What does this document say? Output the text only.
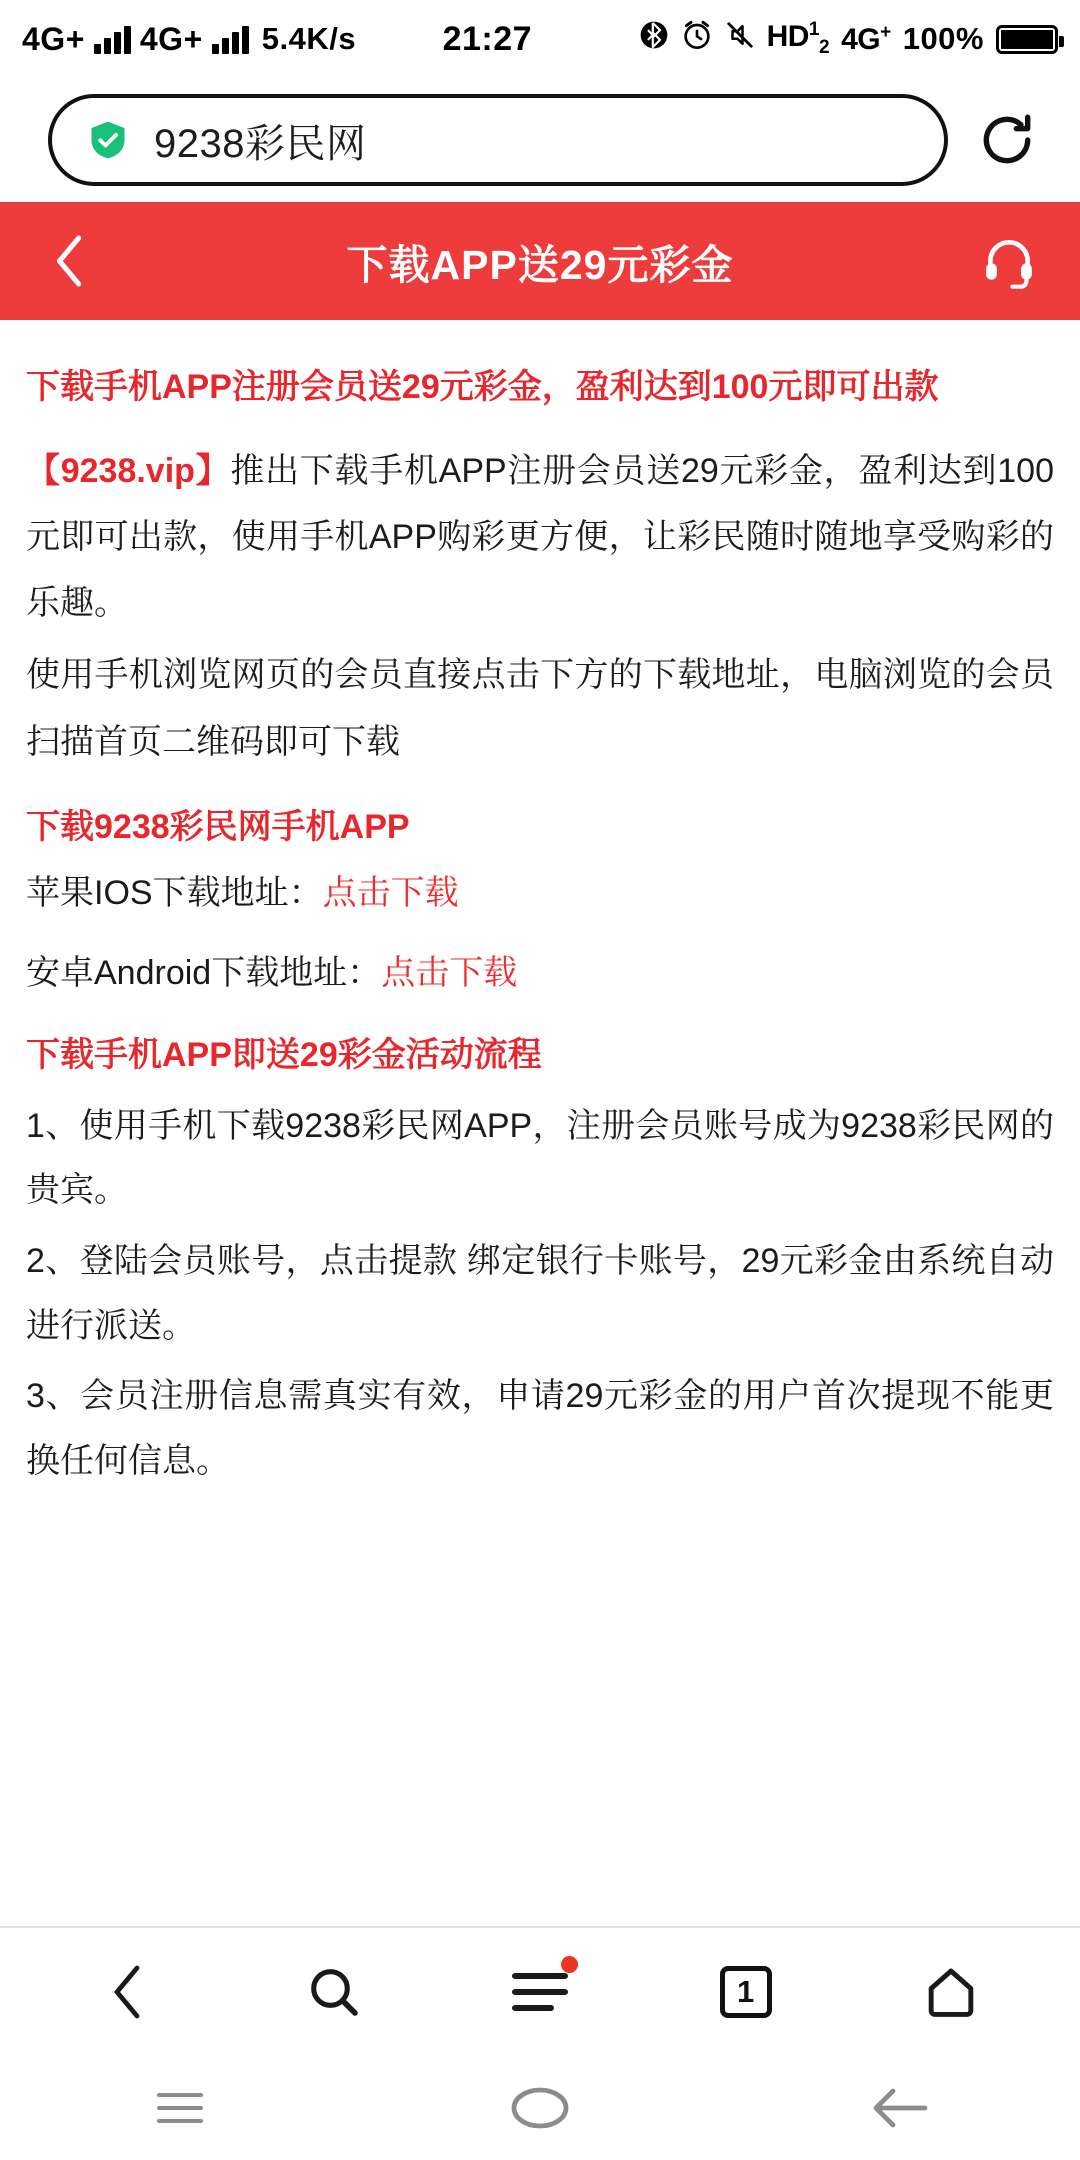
4G+ 4G+ 5.4K/s	21:27	$HD^1_2$ 4G+ 100%
9238彩民网
下载APP送29元彩金
下载手机APP注册会员送29元彩金，盈利达到100元即可出款

【9238.vip】推出下载手机APP注册会员送29元彩金，盈利达到100元即可出款，使用手机APP购彩更方便，让彩民随时随地享受购彩的乐趣。

使用手机浏览网页的会员直接点击下方的下载地址，电脑浏览的会员扫描首页二维码即可下载

下载9238彩民网手机APP
苹果IOS下载地址：点击下载
安卓Android下载地址：点击下载
下载手机APP即送29彩金活动流程

1、使用手机下载9238彩民网APP，注册会员账号成为9238彩民网的贵宾。

2、登陆会员账号，点击提款 绑定银行卡账号，29元彩金由系统自动进行派送。

3、会员注册信息需真实有效，申请29元彩金的用户首次提现不能更换任何信息。

1
